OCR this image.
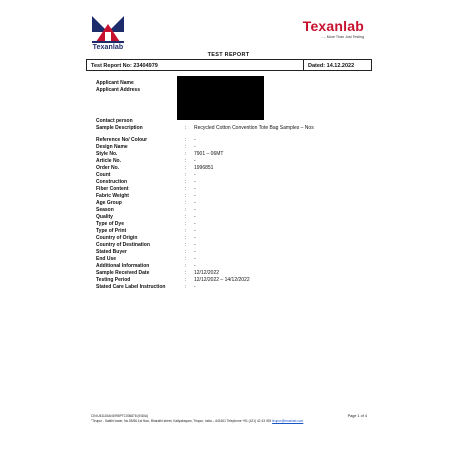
Texanlab
Texanlab
..... More Than Just Testing
TEST REPORT
Test Report No: 23404979	Dated: 14.12.2022
Applicant Name
Applicant Address
Contact person
Sample Description	: Recycled Cotton Convention Tote Bag Samples – Nos
Reference No/ Colour	: -
Design Name	: -
Style No.	: 7901 – 06MT
Article No.	: -
Order No.	: 1996851
Count	: -
Construction	: -
Fiber Content	: -
Fabric Weight	: -
Age Group	: -
Season	: -
Quality	: -
Type of Dye	: -
Type of Print	: -
Country of Origin	: -
Country of Destination	: -
Stated Buyer	: -
End Use	: -
Additional Information	: -
Sample Received Date	: 12/12/2022
Testing Period	: 12/12/2022 – 14/12/2022
Stated Care Label Instruction	: -
CIN:U51115AN1995PTC006878 (INDIA)
"Tirupur - Sakthi tower, No.55/56,1st floor, Bharathi street, Kaliyabayam, Tirupur, India – 641601 Telephone +91 (421) 42 43 493 tirupur@texanlab.com
Page 1 of 4
